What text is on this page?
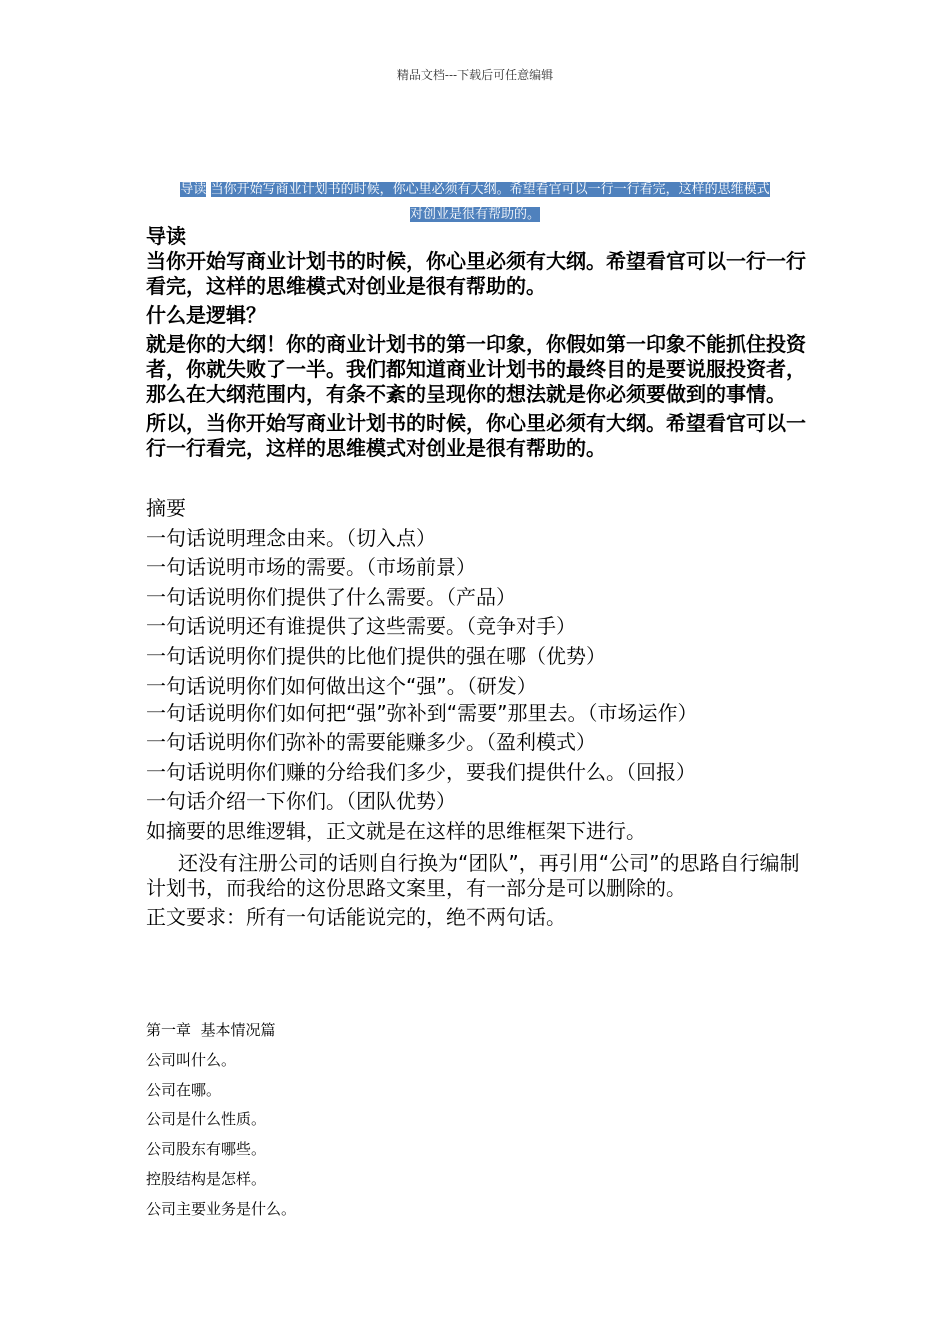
精品文档---下载后可任意编辑
导读 当你开始写商业计划书的时候，你心里必须有大纲。希望看官可以一行一行看完，这样的思维模式
对创业是很有帮助的。

导读

当你开始写商业计划书的时候，你心里必须有大纲。希望看官可以一行一行看完，这样的思维模式对创业是很有帮助的。

什么是逻辑？

就是你的大纲！你的商业计划书的第一印象，你假如第一印象不能抓住投资者，你就失败了一半。我们都知道商业计划书的最终目的是要说服投资者，那么在大纲范围内，有条不紊的呈现你的想法就是你必须要做到的事情。

所以，当你开始写商业计划书的时候，你心里必须有大纲。希望看官可以一行一行看完，这样的思维模式对创业是很有帮助的。

摘要

一句话说明理念由来。（切入点）

一句话说明市场的需要。（市场前景）

一句话说明你们提供了什么需要。（产品）

一句话说明还有谁提供了这些需要。（竞争对手）

一句话说明你们提供的比他们提供的强在哪（优势）

一句话说明你们如何做出这个“强”。（研发）

一句话说明你们如何把“强”弥补到“需要”那里去。（市场运作）

一句话说明你们弥补的需要能赚多少。（盈利模式）

一句话说明你们赚的分给我们多少，要我们提供什么。（回报）

一句话介绍一下你们。（团队优势）

如摘要的思维逻辑，正文就是在这样的思维框架下进行。

还没有注册公司的话则自行换为“团队”，再引用“公司”的思路自行编制计划书，而我给的这份思路文案里，有一部分是可以删除的。

正文要求：所有一句话能说完的，绝不两句话。

第一章  基本情况篇

公司叫什么。

公司在哪。

公司是什么性质。

公司股东有哪些。

控股结构是怎样。

公司主要业务是什么。
